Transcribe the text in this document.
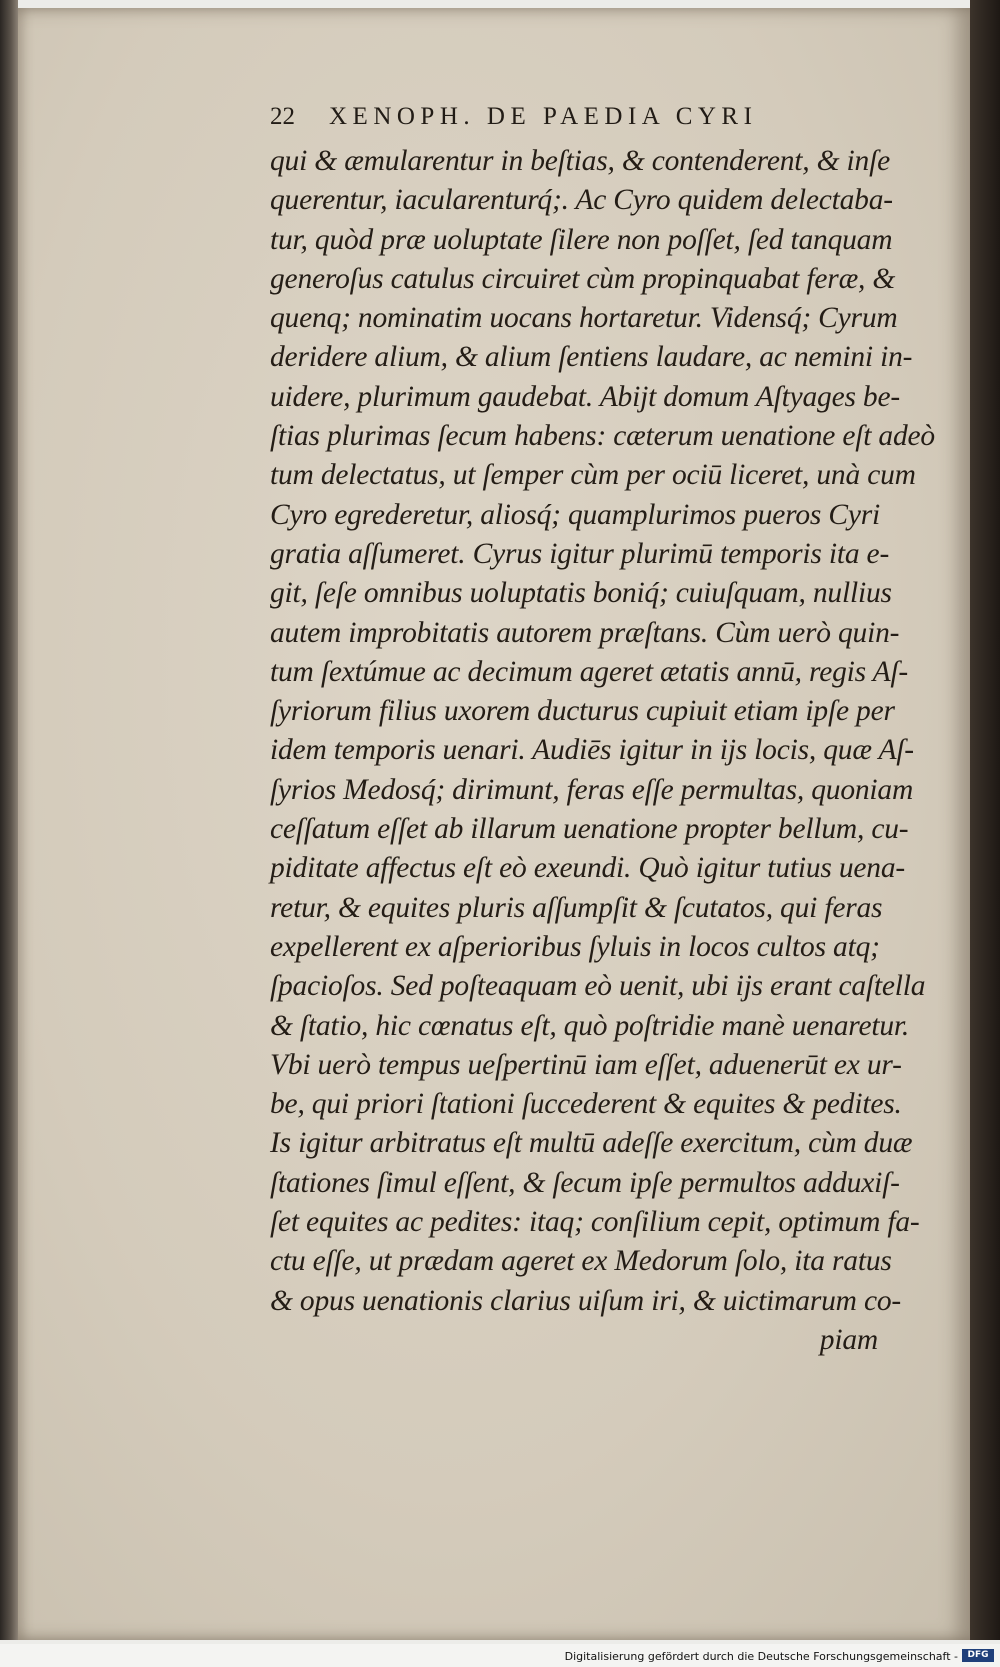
22 XENOPH. DE PAEDIA CYRI
qui & æmularentur in beſtias, & contenderent, & inſe
querentur, iacularenturq́;. Ac Cyro quidem delectaba-
tur, quòd præ uoluptate ſilere non poſſet, ſed tanquam
generoſus catulus circuiret cùm propinquabat feræ, &
quenq; nominatim uocans hortaretur. Vidensq́; Cyrum
deridere alium, & alium ſentiens laudare, ac nemini in-
uidere, plurimum gaudebat. Abijt domum Aſtyages be-
ſtias plurimas ſecum habens: cæterum uenatione eſt adeò
tum delectatus, ut ſemper cùm per ociū liceret, unà cum
Cyro egrederetur, aliosq́; quamplurimos pueros Cyri
gratia aſſumeret. Cyrus igitur plurimū temporis ita e-
git, ſeſe omnibus uoluptatis boniq́; cuiuſquam, nullius
autem improbitatis autorem præſtans. Cùm uerò quin-
tum ſextúmue ac decimum ageret ætatis annū, regis Aſ-
ſyriorum filius uxorem ducturus cupiuit etiam ipſe per
idem temporis uenari. Audiēs igitur in ijs locis, quæ Aſ-
ſyrios Medosq́; dirimunt, feras eſſe permultas, quoniam
ceſſatum eſſet ab illarum uenatione propter bellum, cu-
piditate affectus eſt eò exeundi. Quò igitur tutius uena-
retur, & equites pluris aſſumpſit & ſcutatos, qui feras
expellerent ex aſperioribus ſyluis in locos cultos atq;
ſpacioſos. Sed poſteaquam eò uenit, ubi ijs erant caſtella
& ſtatio, hic cœnatus eſt, quò poſtridie manè uenaretur.
Vbi uerò tempus ueſpertinū iam eſſet, aduenerūt ex ur-
be, qui priori ſtationi ſuccederent & equites & pedites.
Is igitur arbitratus eſt multū adeſſe exercitum, cùm duæ
ſtationes ſimul eſſent, & ſecum ipſe permultos adduxiſ-
ſet equites ac pedites: itaq; conſilium cepit, optimum fa-
ctu eſſe, ut prædam ageret ex Medorum ſolo, ita ratus
& opus uenationis clarius uiſum iri, & uictimarum co-
piam
Digitalisierung gefördert durch die Deutsche Forschungsgemeinschaft -	DFG
